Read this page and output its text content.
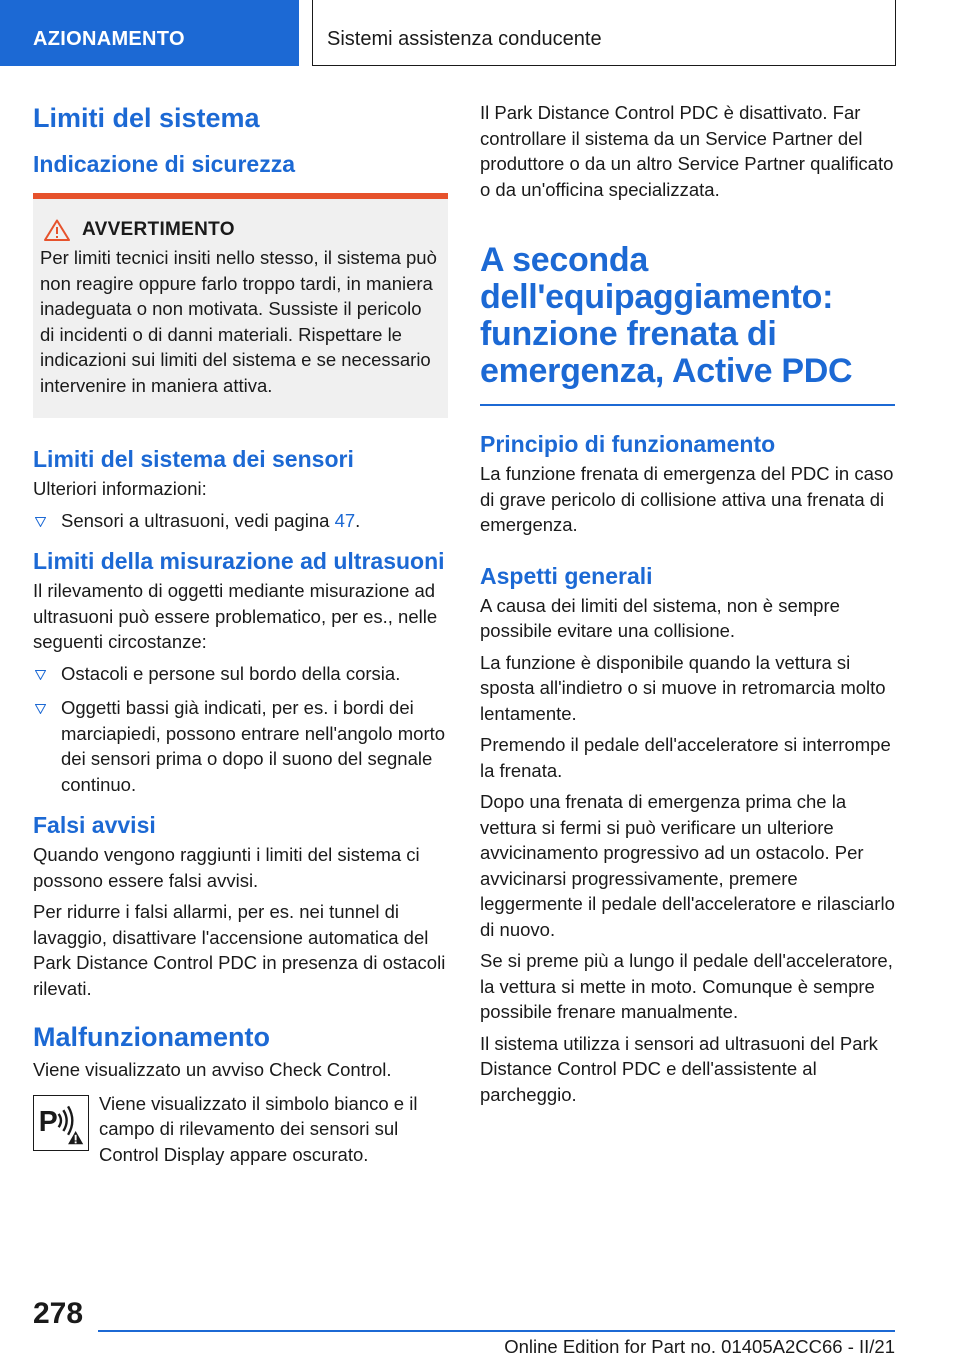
AZIONAMENTO	Sistemi assistenza conducente
Limiti del sistema
Indicazione di sicurezza
AVVERTIMENTO

Per limiti tecnici insiti nello stesso, il sistema può non reagire oppure farlo troppo tardi, in maniera inadeguata o non motivata. Sussiste il pericolo di incidenti o di danni materiali. Rispettare le indicazioni sui limiti del sistema e se necessario intervenire in maniera attiva.

Limiti del sistema dei sensori

Ulteriori informazioni:

Sensori a ultrasuoni, vedi pagina 47.
Limiti della misurazione ad ultrasuoni

Il rilevamento di oggetti mediante misurazione ad ultrasuoni può essere problematico, per es., nelle seguenti circostanze:

Ostacoli e persone sul bordo della corsia.
Oggetti bassi già indicati, per es. i bordi dei marciapiedi, possono entrare nell'angolo morto dei sensori prima o dopo il suono del segnale continuo.
Falsi avvisi

Quando vengono raggiunti i limiti del sistema ci possono essere falsi avvisi.

Per ridurre i falsi allarmi, per es. nei tunnel di lavaggio, disattivare l'accensione automatica del Park Distance Control PDC in presenza di ostacoli rilevati.

Malfunzionamento

Viene visualizzato un avviso Check Control.

P

Viene visualizzato il simbolo bianco e il campo di rilevamento dei sensori sul Control Display appare oscurato.

Il Park Distance Control PDC è disattivato. Far controllare il sistema da un Service Partner del produttore o da un altro Service Partner qualificato o da un'officina specializzata.

A seconda dell'equipaggiamento: funzione frenata di emergenza, Active PDC
Principio di funzionamento

La funzione frenata di emergenza del PDC in caso di grave pericolo di collisione attiva una frenata di emergenza.

Aspetti generali

A causa dei limiti del sistema, non è sempre possibile evitare una collisione.

La funzione è disponibile quando la vettura si sposta all'indietro o si muove in retromarcia molto lentamente.

Premendo il pedale dell'acceleratore si interrompe la frenata.

Dopo una frenata di emergenza prima che la vettura si fermi si può verificare un ulteriore avvicinamento progressivo ad un ostacolo. Per avvicinarsi progressivamente, premere leggermente il pedale dell'acceleratore e rilasciarlo di nuovo.

Se si preme più a lungo il pedale dell'acceleratore, la vettura si mette in moto. Comunque è sempre possibile frenare manualmente.

Il sistema utilizza i sensori ad ultrasuoni del Park Distance Control PDC e dell'assistente al parcheggio.

278
Online Edition for Part no. 01405A2CC66 - II/21
